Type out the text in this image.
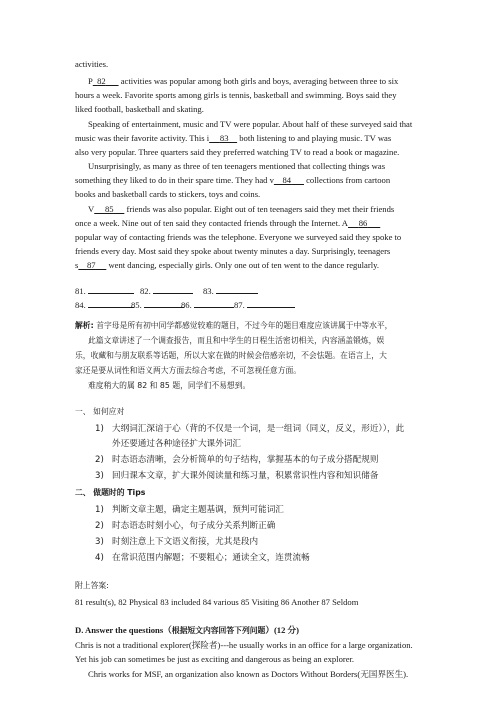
activities.
P 82       activities was popular among both girls and boys, averaging between three to six
hours a week. Favorite sports among girls is tennis, basketball and swimming. Boys said they
liked football, basketball and skating.
Speaking of entertainment, music and TV were popular. About half of these surveyed said that
music was their favorite activity. This i 83     both listening to and playing music. TV was
also very popular. Three quarters said they preferred watching TV to read a book or magazine.
Unsurprisingly, as many as three of ten teenagers mentioned that collecting things was
something they liked to do in their spare time. They had v 84       collections from cartoon
books and basketball cards to stickers, toys and coins.
V 85      friends was also popular. Eight out of ten teenagers said they met their friends
once a week. Nine out of ten said they contacted friends through the Internet. A 86
popular way of contacting friends was the telephone. Everyone we surveyed said they spoke to
friends every day. Most said they spoke about twenty minutes a day. Surprisingly, teenagers
s 87      went dancing, especially girls. Only one out of ten went to the dance regularly.
81.	82.	83.
84.	85.	86.	87.
解析: 首字母是所有初中同学都感觉较难的题目，不过今年的题目难度应该讲属于中等水平，
此篇文章讲述了一个调查报告，而且和中学生的日程生活密切相关，内容涵盖锻炼，娱
乐，收藏和与朋友联系等话题，所以大家在做的时候会倍感亲切，不会怯题。在语言上，大
家还是要从词性和语义两大方面去综合考虑，不可忽视任意方面。
难度稍大的属 82 和 85 题，同学们不易想到。
一、 如何应对
1) 大纲词汇深谙于心（背的不仅是一个词，是一组词（同义，反义，形近）），此
外还要通过各种途径扩大课外词汇
2) 时态语态清晰，会分析简单的句子结构，掌握基本的句子成分搭配规则
3) 回归课本文章，扩大课外阅读量和练习量，积累常识性内容和知识储备
二、 做题时的 Tips
1) 判断文章主题，确定主题基调，预判可能词汇
2) 时态语态时刻小心，句子成分关系判断正确
3) 时刻注意上下文语义衔接，尤其是段内
4) 在常识范围内解题；不要粗心；通读全文，连贯流畅
附上答案:
81 result(s), 82 Physical 83 included 84 various 85 Visiting 86 Another 87 Seldom
D. Answer the questions（根据短文内容回答下列问题）(12 分)
Chris is not a traditional explorer(探险者)---he usually works in an office for a large organization.
Yet his job can sometimes be just as exciting and dangerous as being an explorer.
Chris works for MSF, an organization also known as Doctors Without Borders(无国界医生).
